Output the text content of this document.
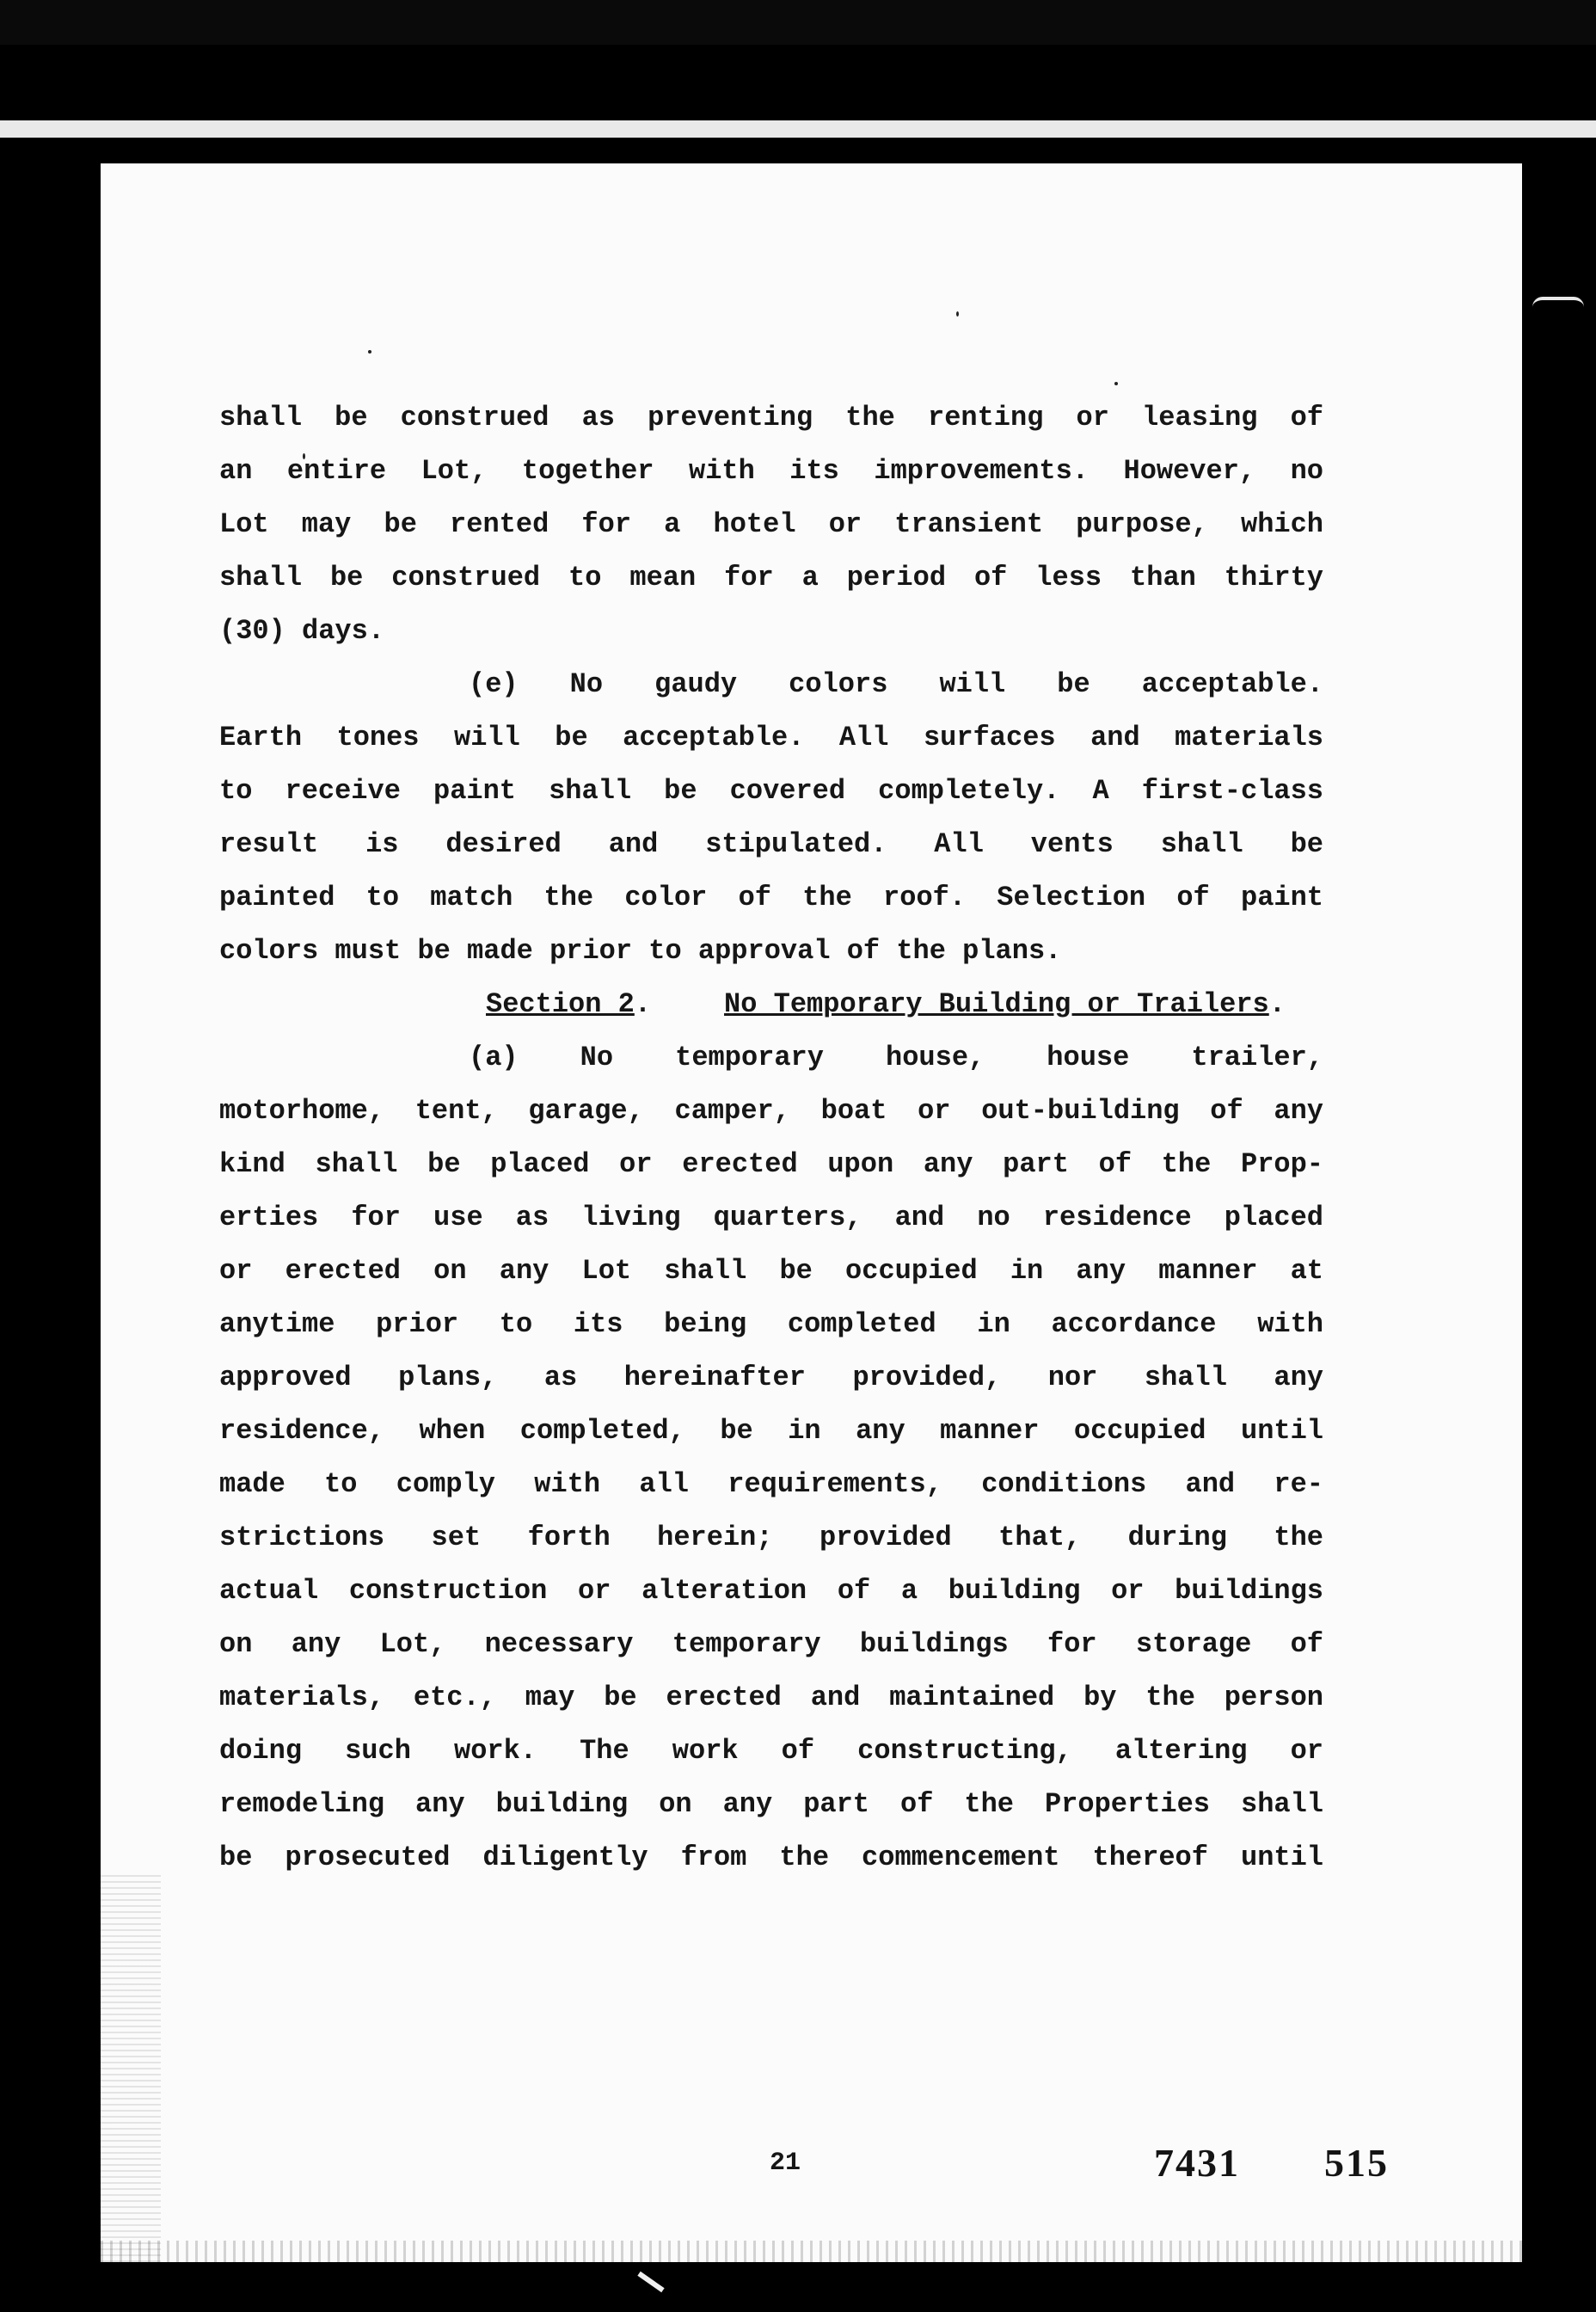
shall be construed as preventing the renting or leasing of
an entire Lot, together with its improvements. However, no
Lot may be rented for a hotel or transient purpose, which
shall be construed to mean for a period of less than thirty
(30) days.
(e) No gaudy colors will be acceptable.
Earth tones will be acceptable. All surfaces and materials
to receive paint shall be covered completely. A first-class
result is desired and stipulated. All vents shall be
painted to match the color of the roof. Selection of paint
colors must be made prior to approval of the plans.
Section 2.	No Temporary Building or Trailers.
(a) No temporary house, house trailer,
motorhome, tent, garage, camper, boat or out-building of any
kind shall be placed or erected upon any part of the Prop-
erties for use as living quarters, and no residence placed
or erected on any Lot shall be occupied in any manner at
anytime prior to its being completed in accordance with
approved plans, as hereinafter provided, nor shall any
residence, when completed, be in any manner occupied until
made to comply with all requirements, conditions and re-
strictions set forth herein; provided that, during the
actual construction or alteration of a building or buildings
on any Lot, necessary temporary buildings for storage of
materials, etc., may be erected and maintained by the person
doing such work. The work of constructing, altering or
remodeling any building on any part of the Properties shall
be prosecuted diligently from the commencement thereof until
21	7431 515
